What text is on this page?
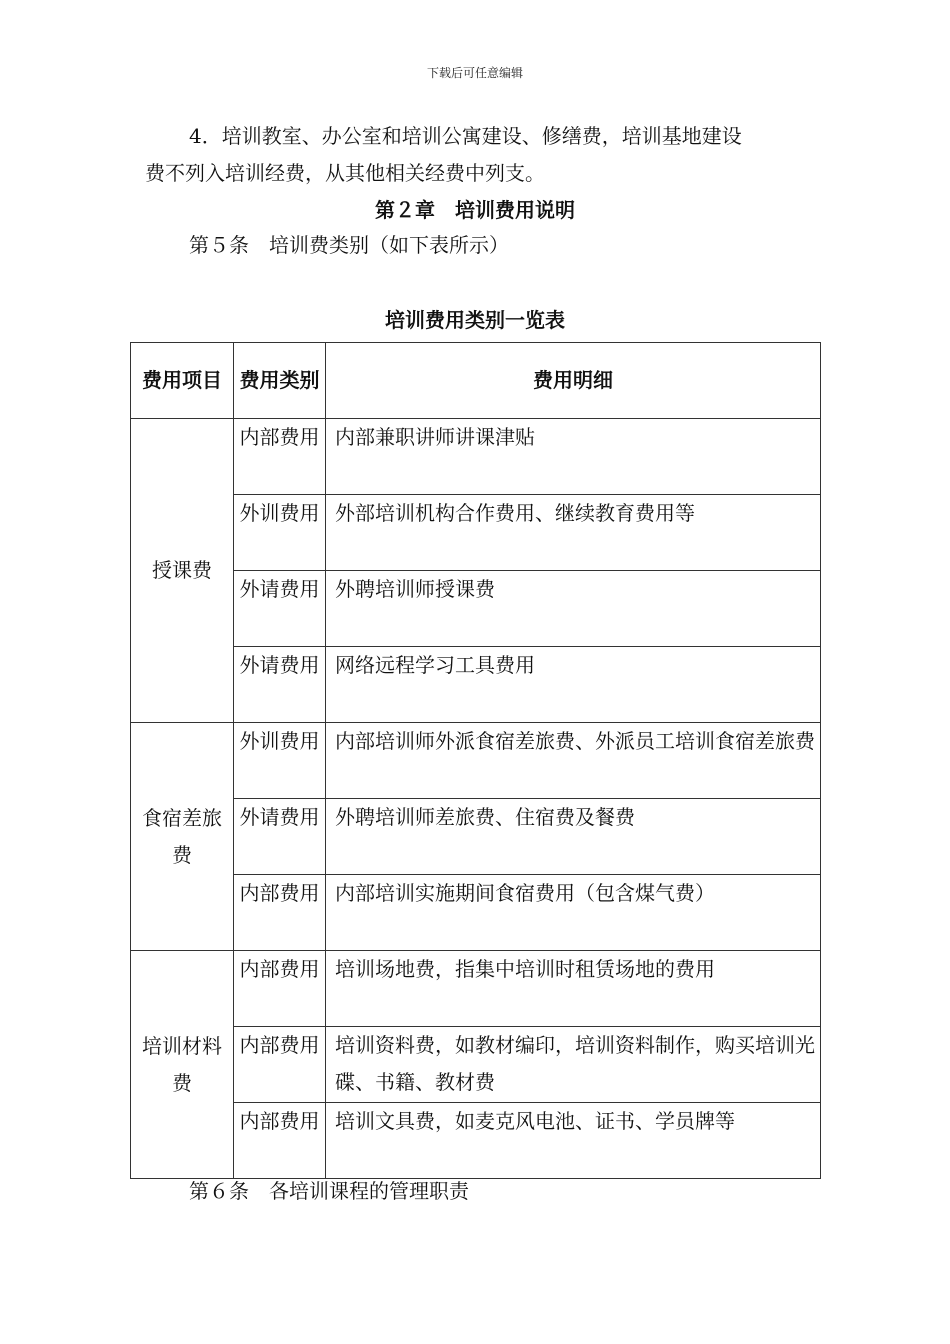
下载后可任意编辑
4．培训教室、办公室和培训公寓建设、修缮费，培训基地建设
费不列入培训经费，从其他相关经费中列支。
第２章　培训费用说明
第５条　培训费类别（如下表所示）
培训费用类别一览表
费用项目	费用类别	费用明细
授课费	内部费用	内部兼职讲师讲课津贴
	外训费用	外部培训机构合作费用、继续教育费用等
	外请费用	外聘培训师授课费
	外请费用	网络远程学习工具费用
食宿差旅费	外训费用	内部培训师外派食宿差旅费、外派员工培训食宿差旅费
	外请费用	外聘培训师差旅费、住宿费及餐费
	内部费用	内部培训实施期间食宿费用（包含煤气费）
培训材料费	内部费用	培训场地费，指集中培训时租赁场地的费用
	内部费用	培训资料费，如教材编印，培训资料制作，购买培训光碟、书籍、教材费
	内部费用	培训文具费，如麦克风电池、证书、学员牌等
第６条　各培训课程的管理职责
